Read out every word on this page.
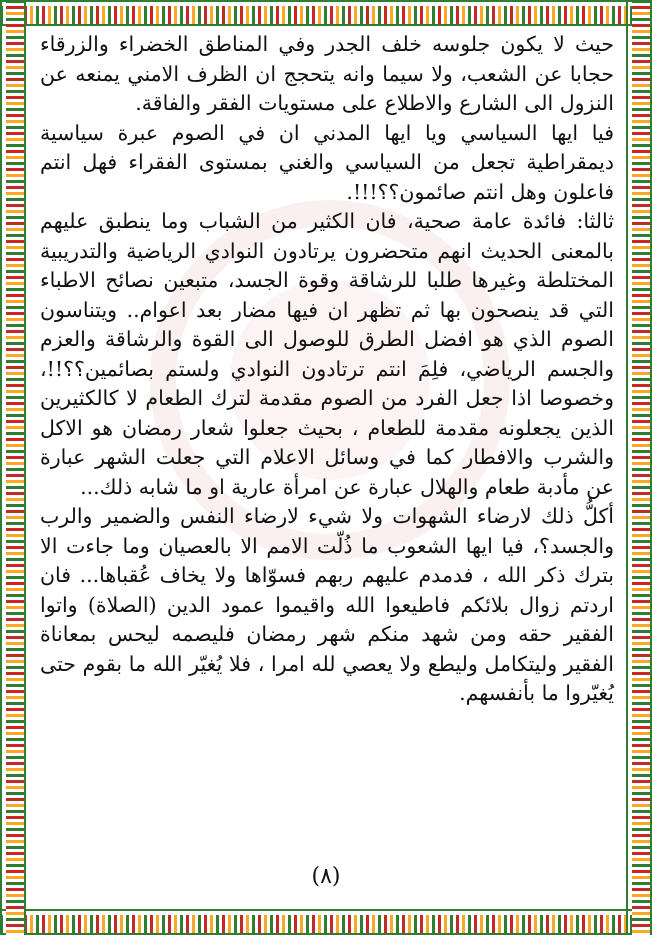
حيث لا يكون جلوسه خلف الجدر وفي المناطق الخضراء والزرقاء حجابا عن الشعب، ولا سيما وانه يتحجج ان الظرف الامني يمنعه عن النزول الى الشارع والاطلاع على مستويات الفقر والفاقة.

فيا ايها السياسي ويا ايها المدني ان في الصوم عبرة سياسية ديمقراطية تجعل من السياسي والغني بمستوى الفقراء فهل انتم فاعلون وهل انتم صائمون؟؟!!!.

ثالثا: فائدة عامة صحية، فان الكثير من الشباب وما ينطبق عليهم بالمعنى الحديث انهم متحضرون يرتادون النوادي الرياضية والتدريبية المختلطة وغيرها طلبا للرشاقة وقوة الجسد، متبعين نصائح الاطباء التي قد ينصحون بها ثم تظهر ان فيها مضار بعد اعوام.. ويتناسون الصوم الذي هو افضل الطرق للوصول الى القوة والرشاقة والعزم والجسم الرياضي، فلِمَ انتم ترتادون النوادي ولستم بصائمين؟؟!!، وخصوصا اذا جعل الفرد من الصوم مقدمة لترك الطعام لا كالكثيرين الذين يجعلونه مقدمة للطعام ، بحيث جعلوا شعار رمضان هو الاكل والشرب والافطار كما في وسائل الاعلام التي جعلت الشهر عبارة عن مأدبة طعام والهلال عبارة عن امرأة عارية او ما شابه ذلك...

أكلُّ ذلك لارضاء الشهوات ولا شيء لارضاء النفس والضمير والرب والجسد؟، فيا ايها الشعوب ما ذُلّت الامم الا بالعصيان وما جاءت الا بترك ذكر الله ، فدمدم عليهم ربهم فسوّاها ولا يخاف عُقباها... فان اردتم زوال بلائكم فاطيعوا الله واقيموا عمود الدين (الصلاة) واتوا الفقير حقه ومن شهد منكم شهر رمضان فليصمه ليحس بمعاناة الفقير وليتكامل وليطع ولا يعصي لله امرا ، فلا يُغيّر الله ما بقوم حتى يُغيّروا ما بأنفسهم.

(٨)
